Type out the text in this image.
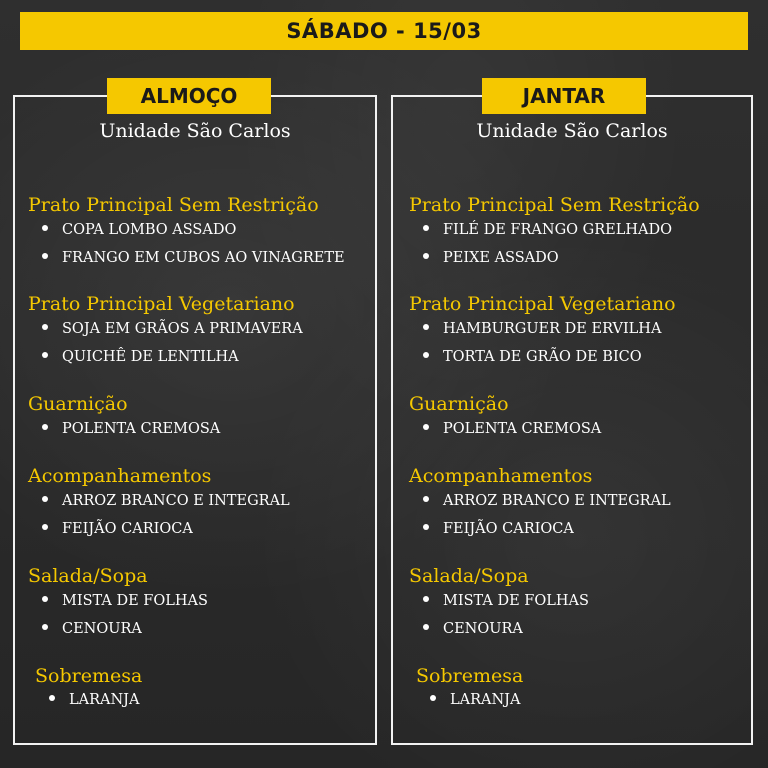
SÁBADO - 15/03
ALMOÇO	JANTAR
Unidade São Carlos	Unidade São Carlos
Prato Principal Sem Restrição
COPA LOMBO ASSADO
FRANGO EM CUBOS AO VINAGRETE
Prato Principal Vegetariano
SOJA EM GRÃOS A PRIMAVERA
QUICHÊ DE LENTILHA
Guarnição
POLENTA CREMOSA
Acompanhamentos
ARROZ BRANCO E INTEGRAL
FEIJÃO CARIOCA
Salada/Sopa
MISTA DE FOLHAS
CENOURA
Sobremesa
LARANJA
Prato Principal Sem Restrição
FILÉ DE FRANGO GRELHADO
PEIXE ASSADO
Prato Principal Vegetariano
HAMBURGUER DE ERVILHA
TORTA DE GRÃO DE BICO
Guarnição
POLENTA CREMOSA
Acompanhamentos
ARROZ BRANCO E INTEGRAL
FEIJÃO CARIOCA
Salada/Sopa
MISTA DE FOLHAS
CENOURA
Sobremesa
LARANJA
